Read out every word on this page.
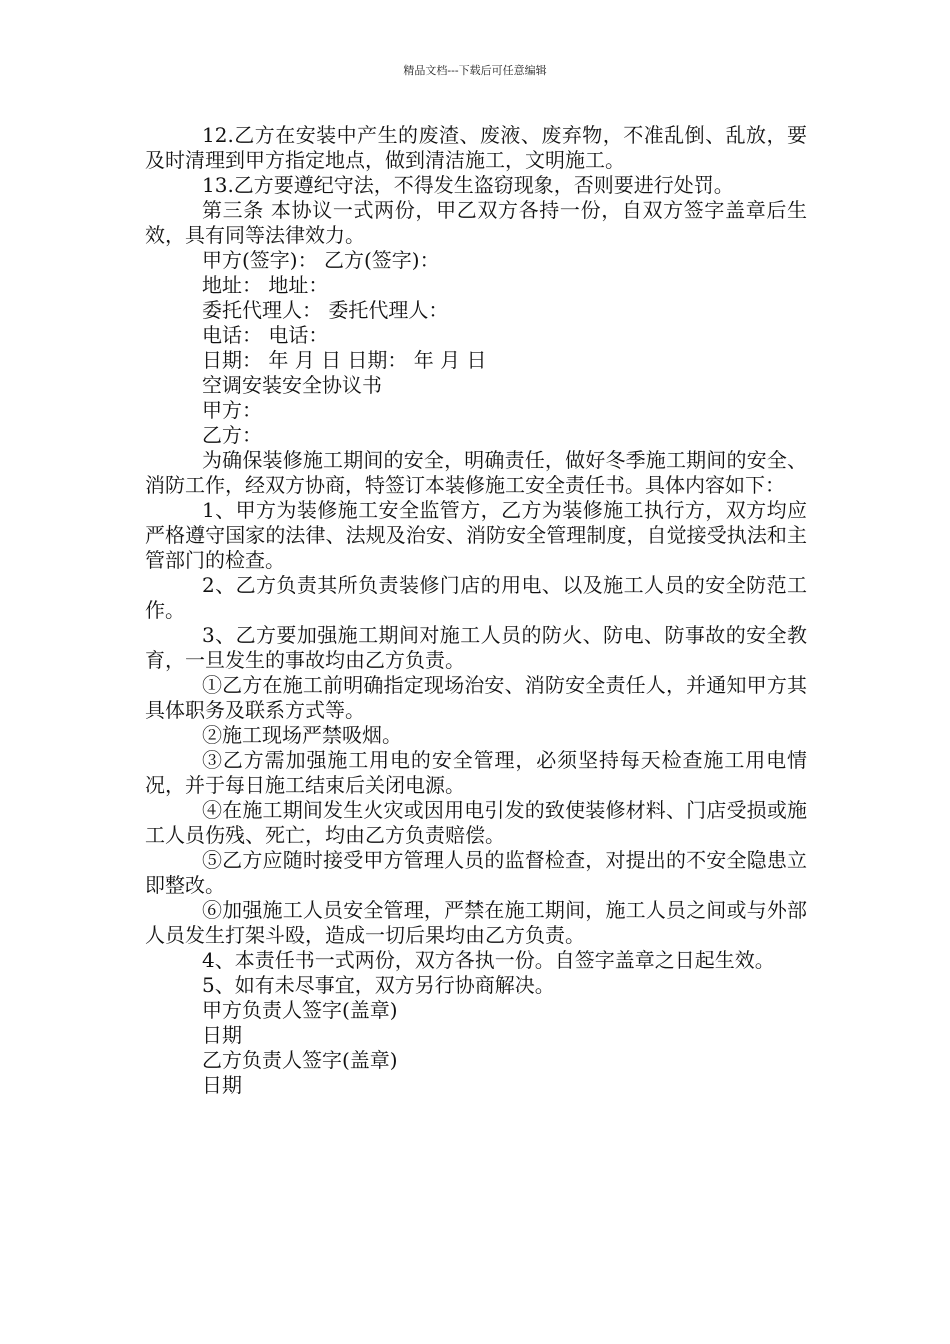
精品文档---下载后可任意编辑

12.乙方在安装中产生的废渣、废液、废弃物，不准乱倒、乱放，要及时清理到甲方指定地点，做到清洁施工，文明施工。

13.乙方要遵纪守法，不得发生盗窃现象，否则要进行处罚。

第三条 本协议一式两份，甲乙双方各持一份，自双方签字盖章后生效，具有同等法律效力。

甲方(签字)： 乙方(签字)：

地址： 地址：

委托代理人： 委托代理人：

电话： 电话：

日期： 年 月 日 日期： 年 月 日

空调安装安全协议书

甲方：

乙方：

为确保装修施工期间的安全，明确责任，做好冬季施工期间的安全、消防工作，经双方协商，特签订本装修施工安全责任书。具体内容如下：

1、甲方为装修施工安全监管方，乙方为装修施工执行方，双方均应严格遵守国家的法律、法规及治安、消防安全管理制度，自觉接受执法和主管部门的检查。

2、乙方负责其所负责装修门店的用电、以及施工人员的安全防范工作。

3、乙方要加强施工期间对施工人员的防火、防电、防事故的安全教育，一旦发生的事故均由乙方负责。

①乙方在施工前明确指定现场治安、消防安全责任人，并通知甲方其具体职务及联系方式等。

②施工现场严禁吸烟。

③乙方需加强施工用电的安全管理，必须坚持每天检查施工用电情况，并于每日施工结束后关闭电源。

④在施工期间发生火灾或因用电引发的致使装修材料、门店受损或施工人员伤残、死亡，均由乙方负责赔偿。

⑤乙方应随时接受甲方管理人员的监督检查，对提出的不安全隐患立即整改。

⑥加强施工人员安全管理，严禁在施工期间，施工人员之间或与外部人员发生打架斗殴，造成一切后果均由乙方负责。

4、本责任书一式两份，双方各执一份。自签字盖章之日起生效。

5、如有未尽事宜，双方另行协商解决。

甲方负责人签字(盖章)

日期

乙方负责人签字(盖章)

日期
